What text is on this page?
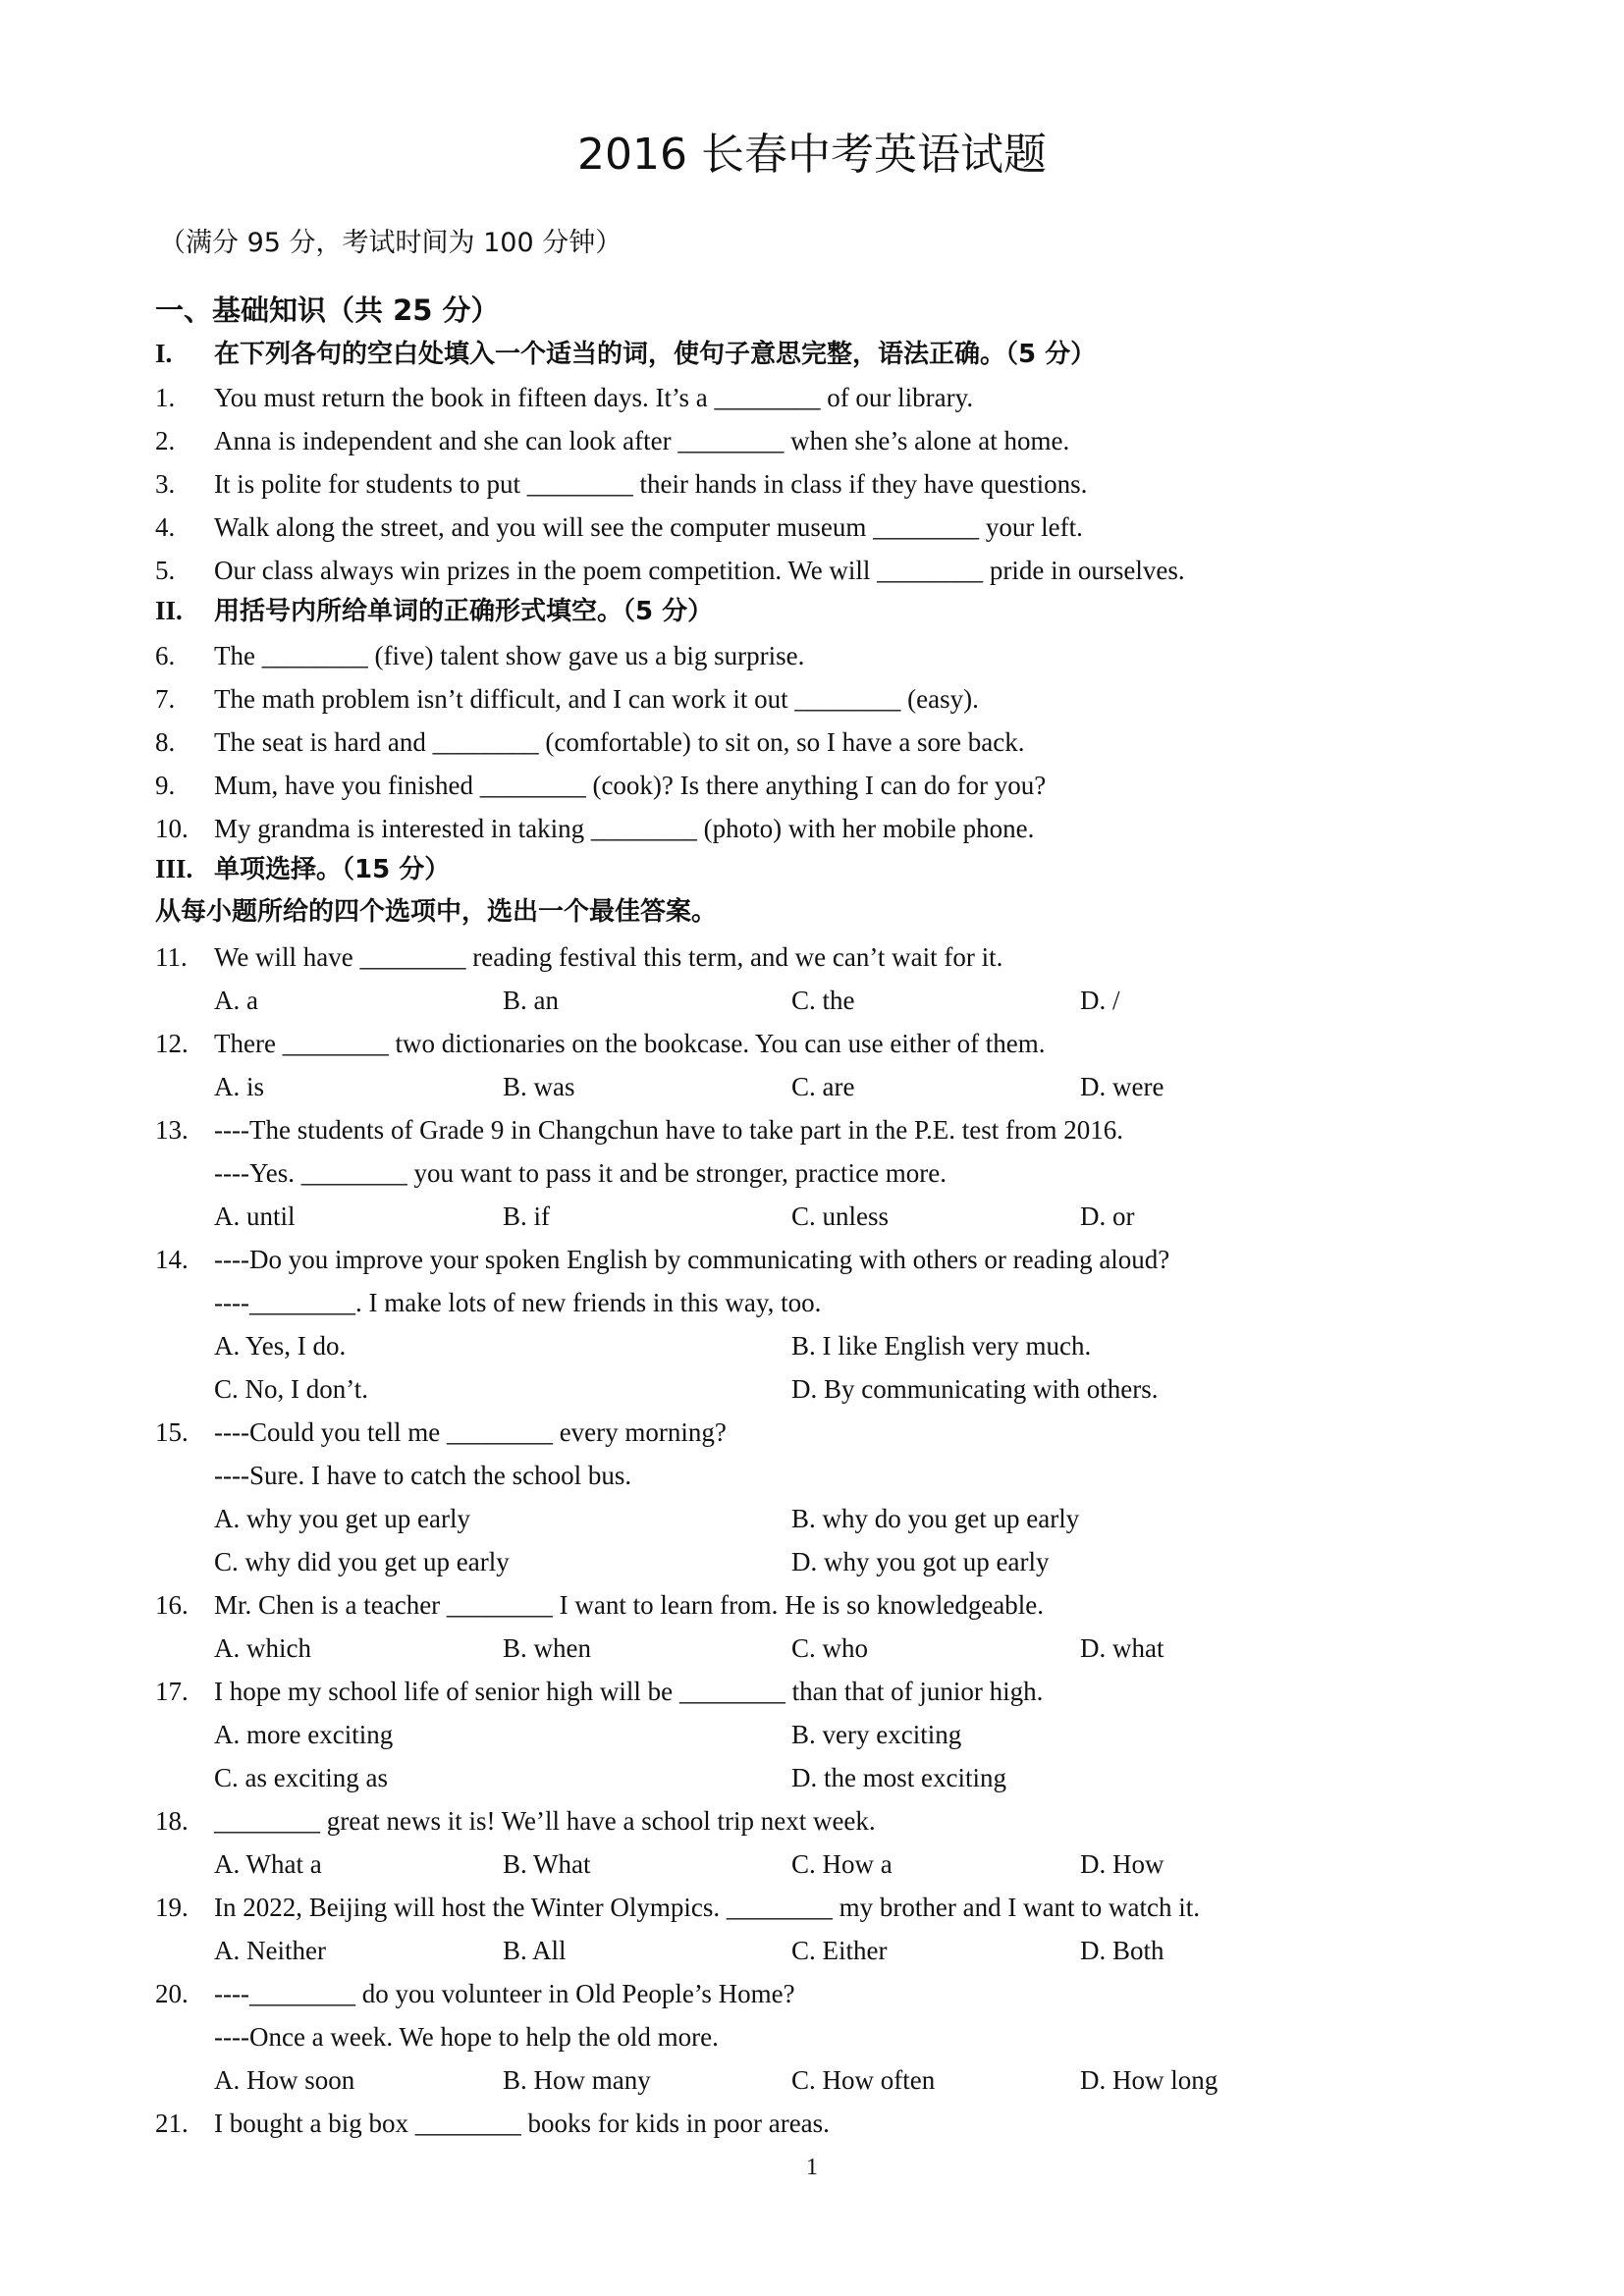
2016 长春中考英语试题
（满分 95 分，考试时间为 100 分钟）
一、基础知识（共 25 分）
I. 在下列各句的空白处填入一个适当的词，使句子意思完整，语法正确。（5 分）
1. You must return the book in fifteen days. It’s a ________ of our library.
2. Anna is independent and she can look after ________ when she’s alone at home.
3. It is polite for students to put ________ their hands in class if they have questions.
4. Walk along the street, and you will see the computer museum ________ your left.
5. Our class always win prizes in the poem competition. We will ________ pride in ourselves.
II. 用括号内所给单词的正确形式填空。（5 分）
6. The ________ (five) talent show gave us a big surprise.
7. The math problem isn’t difficult, and I can work it out ________ (easy).
8. The seat is hard and ________ (comfortable) to sit on, so I have a sore back.
9. Mum, have you finished ________ (cook)? Is there anything I can do for you?
10. My grandma is interested in taking ________ (photo) with her mobile phone.
III. 单项选择。（15 分）
从每小题所给的四个选项中，选出一个最佳答案。
11. We will have ________ reading festival this term, and we can’t wait for it.
A. a	B. an	C. the	D. /
12. There ________ two dictionaries on the bookcase. You can use either of them.
A. is	B. was	C. are	D. were
13. ----The students of Grade 9 in Changchun have to take part in the P.E. test from 2016.
----Yes. ________ you want to pass it and be stronger, practice more.
A. until	B. if	C. unless	D. or
14. ----Do you improve your spoken English by communicating with others or reading aloud?
----________. I make lots of new friends in this way, too.
A. Yes, I do.	B. I like English very much.
C. No, I don’t.	D. By communicating with others.
15. ----Could you tell me ________ every morning?
----Sure. I have to catch the school bus.
A. why you get up early	B. why do you get up early
C. why did you get up early	D. why you got up early
16. Mr. Chen is a teacher ________ I want to learn from. He is so knowledgeable.
A. which	B. when	C. who	D. what
17. I hope my school life of senior high will be ________ than that of junior high.
A. more exciting	B. very exciting
C. as exciting as	D. the most exciting
18. ________ great news it is! We’ll have a school trip next week.
A. What a	B. What	C. How a	D. How
19. In 2022, Beijing will host the Winter Olympics. ________ my brother and I want to watch it.
A. Neither	B. All	C. Either	D. Both
20. ----________ do you volunteer in Old People’s Home?
----Once a week. We hope to help the old more.
A. How soon	B. How many	C. How often	D. How long
21. I bought a big box ________ books for kids in poor areas.
1
